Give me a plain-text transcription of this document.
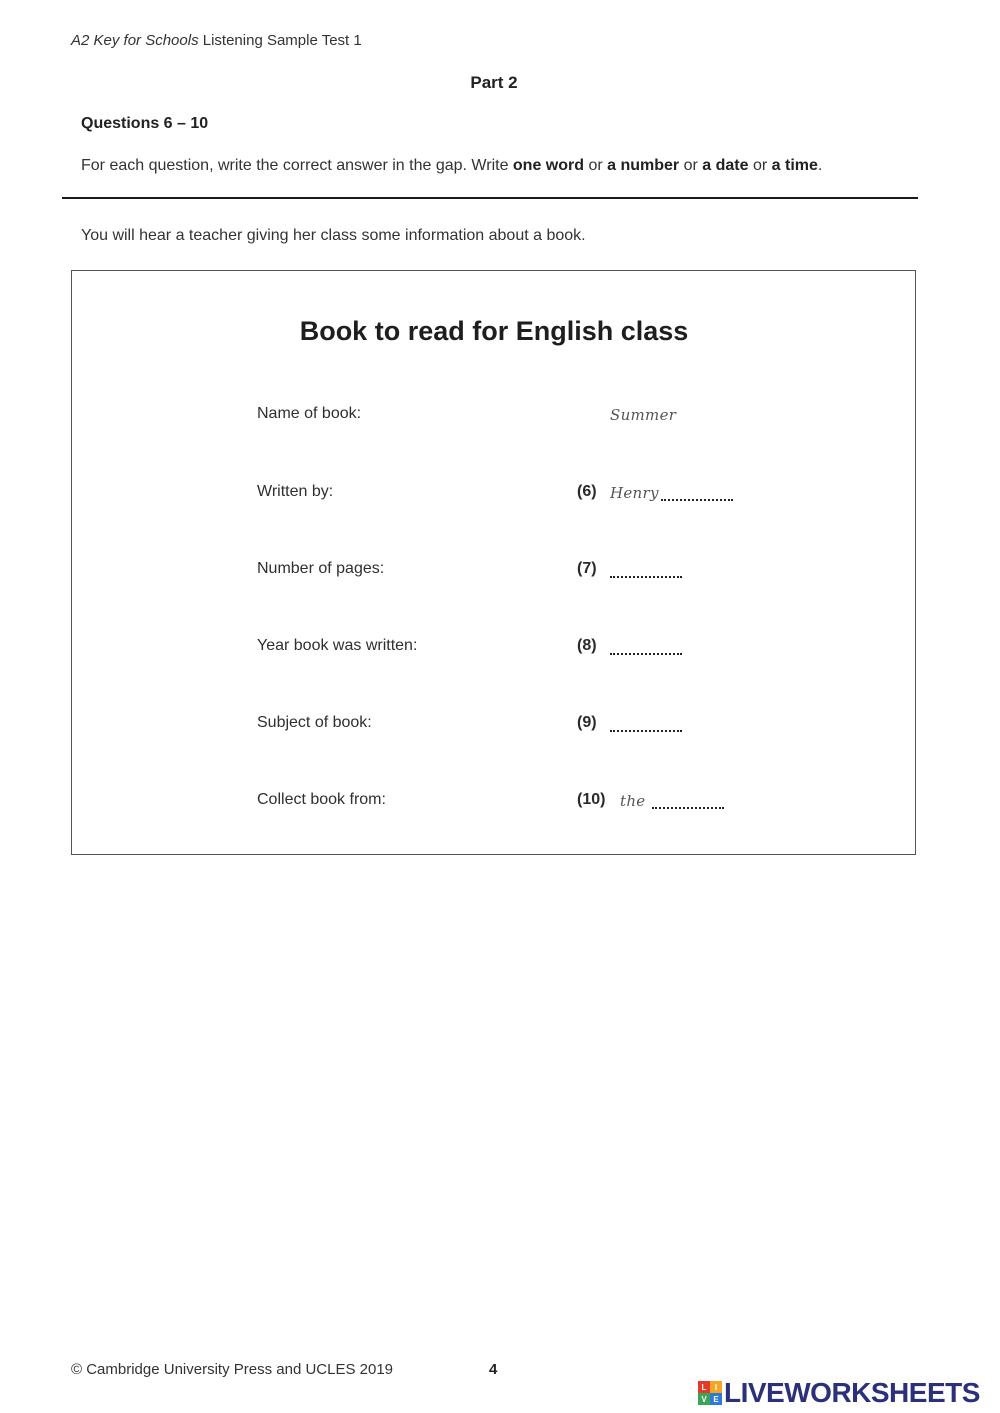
A2 Key for Schools Listening Sample Test 1
Part 2
Questions 6 – 10
For each question, write the correct answer in the gap. Write one word or a number or a date or a time.
You will hear a teacher giving her class some information about a book.
Book to read for English class
Name of book:	Summer
Written by:	(6) Henry
Number of pages:	(7)
Year book was written:	(8)
Subject of book:	(9)
Collect book from:	(10) the
© Cambridge University Press and UCLES 2019	4
L	I
V E LIVEWORKSHEETS
